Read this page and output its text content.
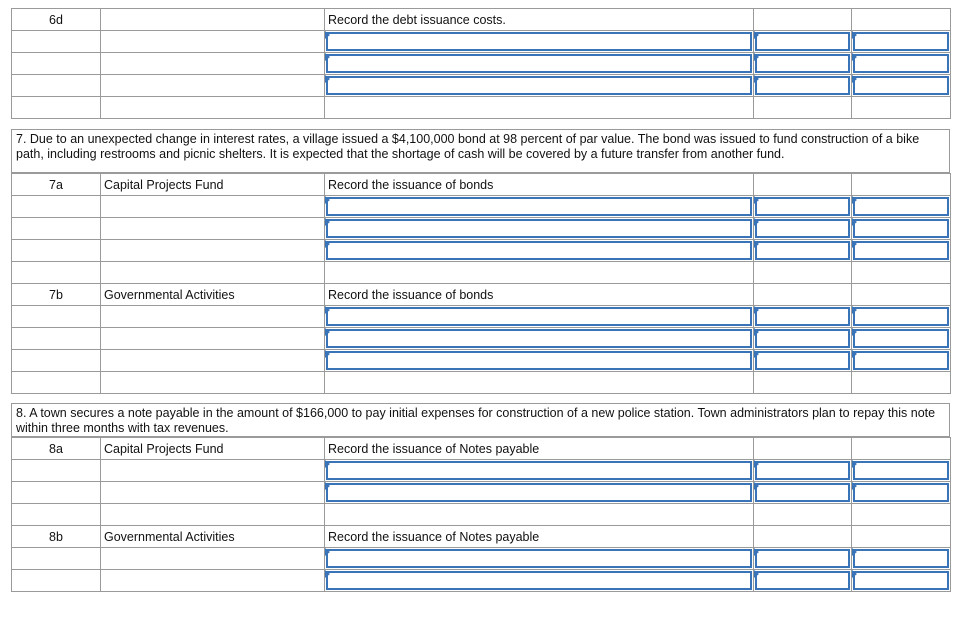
6d		Record the debt issuance costs.		

7. Due to an unexpected change in interest rates, a village issued a $4,100,000 bond at 98 percent of par value. The bond was issued to fund construction of a bike path, including restrooms and picnic shelters. It is expected that the shortage of cash will be covered by a future transfer from another fund.
7a	Capital Projects Fund	Record the issuance of bonds		

7b	Governmental Activities	Record the issuance of bonds		

8. A town secures a note payable in the amount of $166,000 to pay initial expenses for construction of a new police station. Town administrators plan to repay this note within three months with tax revenues.
8a	Capital Projects Fund	Record the issuance of Notes payable		

8b	Governmental Activities	Record the issuance of Notes payable		
